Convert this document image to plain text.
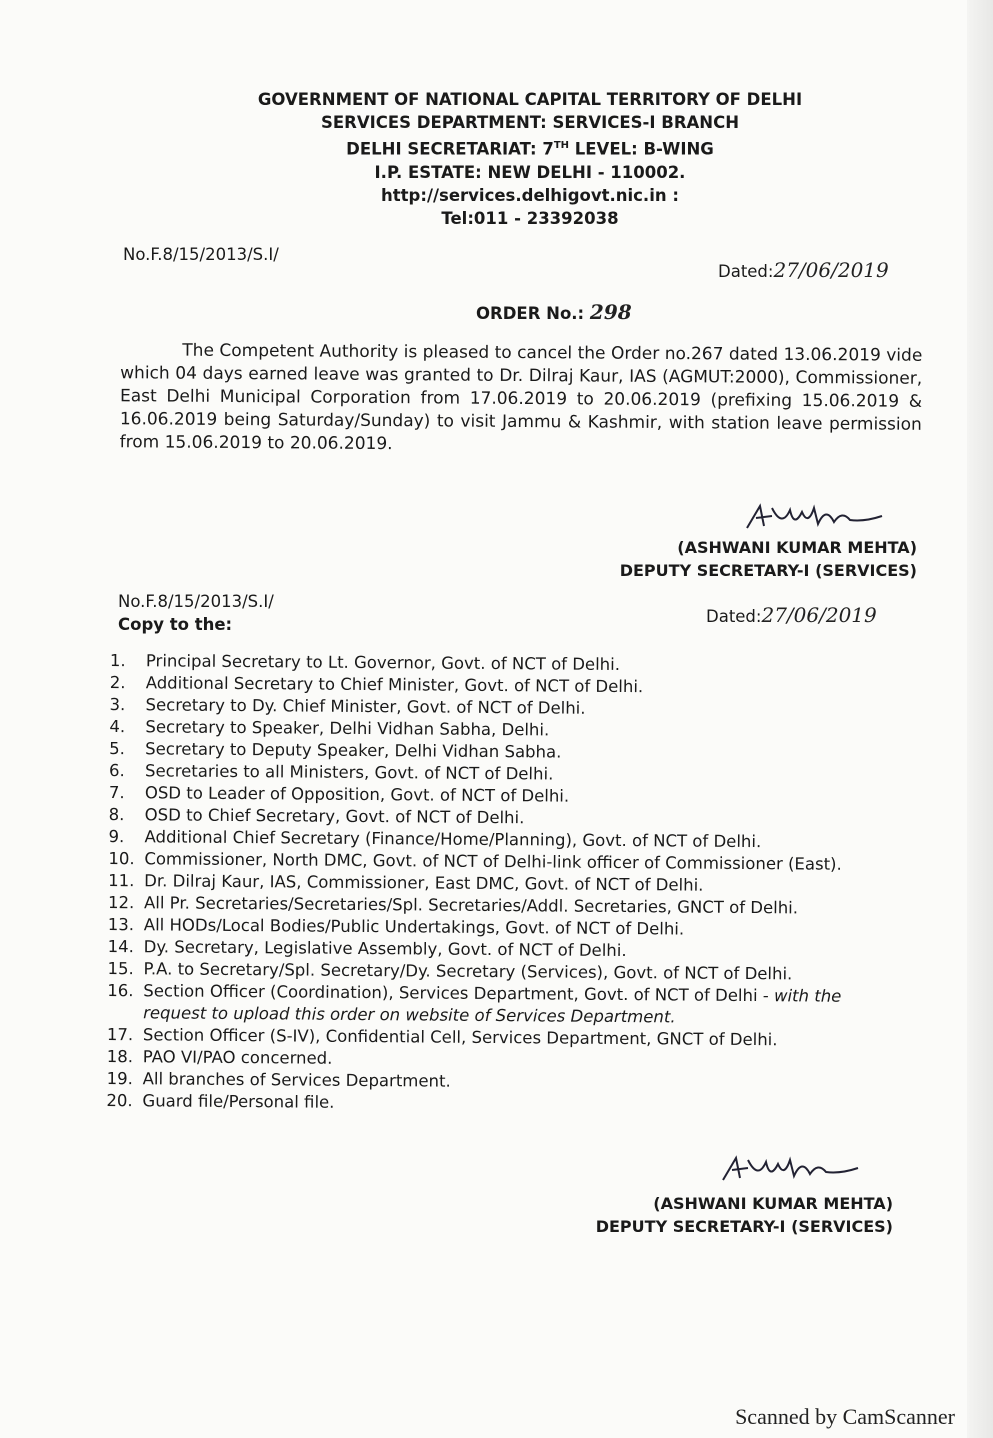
GOVERNMENT OF NATIONAL CAPITAL TERRITORY OF DELHI
SERVICES DEPARTMENT: SERVICES-I BRANCH
DELHI SECRETARIAT: 7TH LEVEL: B-WING
I.P. ESTATE: NEW DELHI - 110002.
http://services.delhigovt.nic.in :
Tel:011 - 23392038
No.F.8/15/2013/S.I/
Dated:27/06/2019
ORDER No.: 298
The Competent Authority is pleased to cancel the Order no.267 dated 13.06.2019 vide which 04 days earned leave was granted to Dr. Dilraj Kaur, IAS (AGMUT:2000), Commissioner, East Delhi Municipal Corporation from 17.06.2019 to 20.06.2019 (prefixing 15.06.2019 & 16.06.2019 being Saturday/Sunday) to visit Jammu & Kashmir, with station leave permission from 15.06.2019 to 20.06.2019.
(ASHWANI KUMAR MEHTA)
DEPUTY SECRETARY-I (SERVICES)
No.F.8/15/2013/S.I/
Copy to the:	Dated:27/06/2019
1.	Principal Secretary to Lt. Governor, Govt. of NCT of Delhi.
2.	Additional Secretary to Chief Minister, Govt. of NCT of Delhi.
3.	Secretary to Dy. Chief Minister, Govt. of NCT of Delhi.
4.	Secretary to Speaker, Delhi Vidhan Sabha, Delhi.
5.	Secretary to Deputy Speaker, Delhi Vidhan Sabha.
6.	Secretaries to all Ministers, Govt. of NCT of Delhi.
7.	OSD to Leader of Opposition, Govt. of NCT of Delhi.
8.	OSD to Chief Secretary, Govt. of NCT of Delhi.
9.	Additional Chief Secretary (Finance/Home/Planning), Govt. of NCT of Delhi.
10. Commissioner, North DMC, Govt. of NCT of Delhi-link officer of Commissioner (East).
11. Dr. Dilraj Kaur, IAS, Commissioner, East DMC, Govt. of NCT of Delhi.
12. All Pr. Secretaries/Secretaries/Spl. Secretaries/Addl. Secretaries, GNCT of Delhi.
13. All HODs/Local Bodies/Public Undertakings, Govt. of NCT of Delhi.
14. Dy. Secretary, Legislative Assembly, Govt. of NCT of Delhi.
15. P.A. to Secretary/Spl. Secretary/Dy. Secretary (Services), Govt. of NCT of Delhi.
16. Section Officer (Coordination), Services Department, Govt. of NCT of Delhi - with the request to upload this order on website of Services Department.
17. Section Officer (S-IV), Confidential Cell, Services Department, GNCT of Delhi.
18. PAO VI/PAO concerned.
19. All branches of Services Department.
20. Guard file/Personal file.
(ASHWANI KUMAR MEHTA)
DEPUTY SECRETARY-I (SERVICES)
Scanned by CamScanner
